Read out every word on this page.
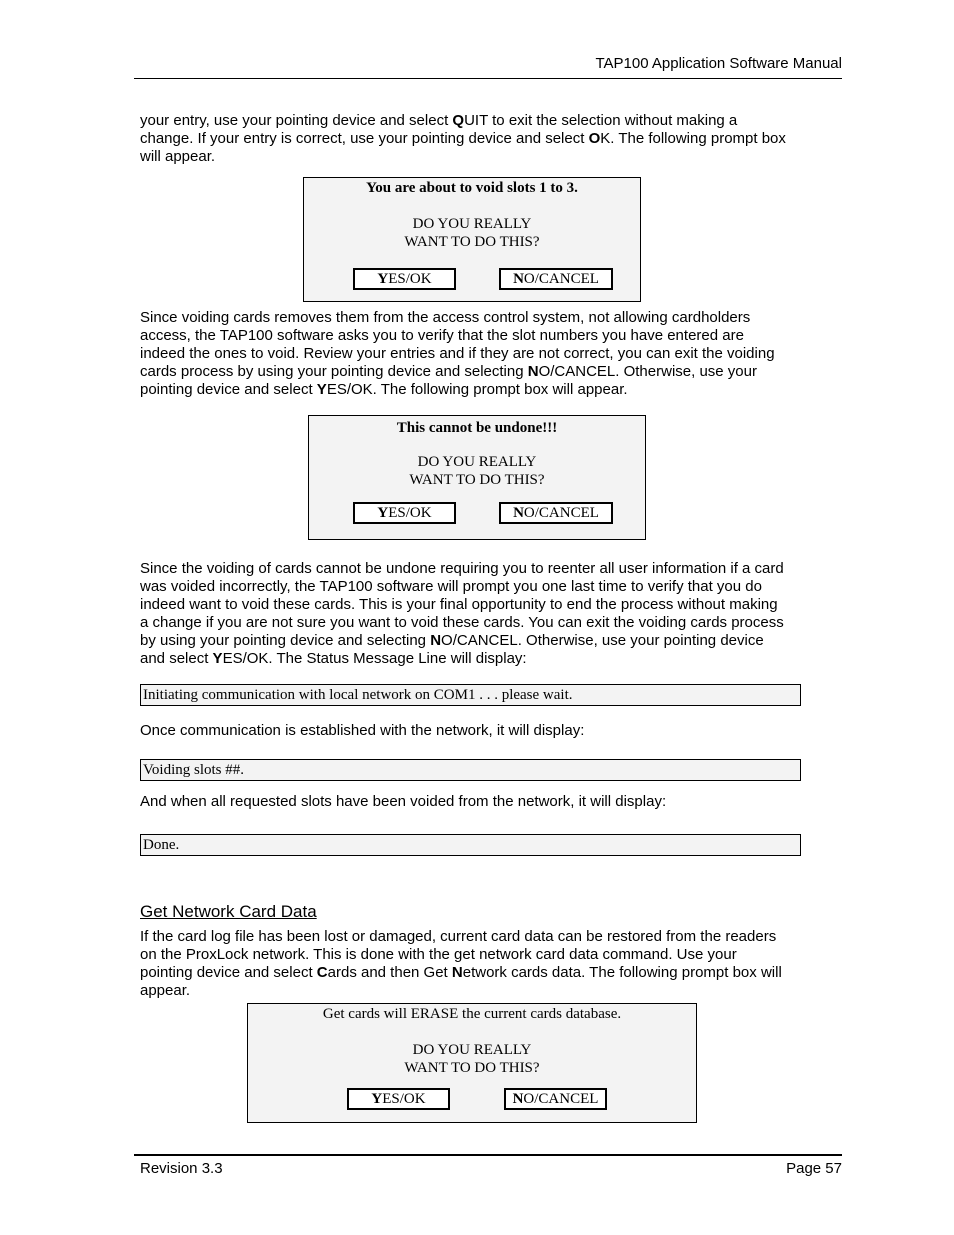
TAP100 Application Software Manual
your entry, use your pointing device and select QUIT to exit the selection without making a
change. If your entry is correct, use your pointing device and select OK. The following prompt box
will appear.
You are about to void slots 1 to 3.
DO YOU REALLY
WANT TO DO THIS?
YES/OK	NO/CANCEL
Since voiding cards removes them from the access control system, not allowing cardholders
access, the TAP100 software asks you to verify that the slot numbers you have entered are
indeed the ones to void. Review your entries and if they are not correct, you can exit the voiding
cards process by using your pointing device and selecting NO/CANCEL. Otherwise, use your
pointing device and select YES/OK. The following prompt box will appear.
This cannot be undone!!!
DO YOU REALLY
WANT TO DO THIS?
YES/OK	NO/CANCEL
Since the voiding of cards cannot be undone requiring you to reenter all user information if a card
was voided incorrectly, the TAP100 software will prompt you one last time to verify that you do
indeed want to void these cards. This is your final opportunity to end the process without making
a change if you are not sure you want to void these cards. You can exit the voiding cards process
by using your pointing device and selecting NO/CANCEL. Otherwise, use your pointing device
and select YES/OK. The Status Message Line will display:
Initiating communication with local network on COM1 . . . please wait.
Once communication is established with the network, it will display:
Voiding slots ##.
And when all requested slots have been voided from the network, it will display:
Done.
Get Network Card Data
If the card log file has been lost or damaged, current card data can be restored from the readers
on the ProxLock network. This is done with the get network card data command. Use your
pointing device and select Cards and then Get Network cards data. The following prompt box will
appear.
Get cards will ERASE the current cards database.
DO YOU REALLY
WANT TO DO THIS?
YES/OK	NO/CANCEL
Revision 3.3	Page 57
